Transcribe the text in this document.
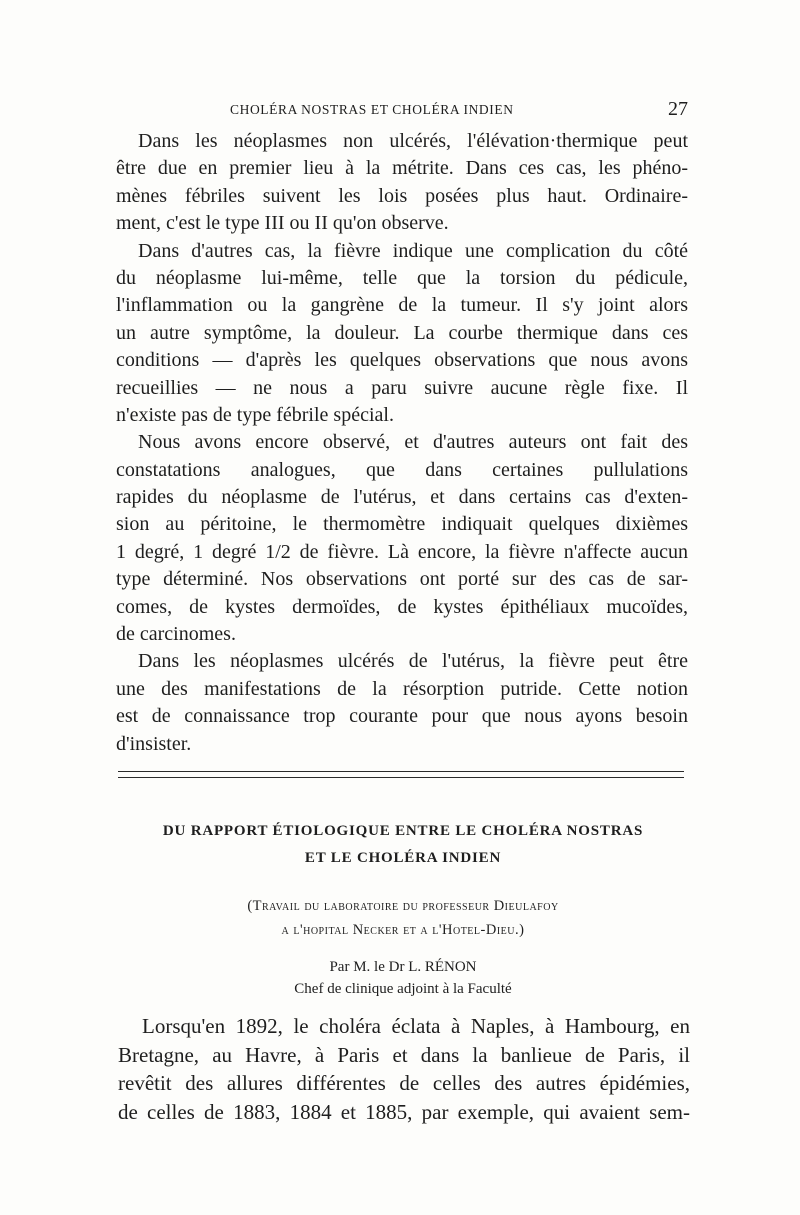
CHOLÉRA NOSTRAS ET CHOLÉRA INDIEN	27
Dans les néoplasmes non ulcérés, l'élévation·thermique peut
être due en premier lieu à la métrite. Dans ces cas, les phéno-
mènes fébriles suivent les lois posées plus haut. Ordinaire-
ment, c'est le type III ou II qu'on observe.
Dans d'autres cas, la fièvre indique une complication du côté
du néoplasme lui-même, telle que la torsion du pédicule,
l'inflammation ou la gangrène de la tumeur. Il s'y joint alors
un autre symptôme, la douleur. La courbe thermique dans ces
conditions — d'après les quelques observations que nous avons
recueillies — ne nous a paru suivre aucune règle fixe. Il
n'existe pas de type fébrile spécial.
Nous avons encore observé, et d'autres auteurs ont fait des
constatations analogues, que dans certaines pullulations
rapides du néoplasme de l'utérus, et dans certains cas d'exten-
sion au péritoine, le thermomètre indiquait quelques dixièmes
1 degré, 1 degré 1/2 de fièvre. Là encore, la fièvre n'affecte aucun
type déterminé. Nos observations ont porté sur des cas de sar-
comes, de kystes dermoïdes, de kystes épithéliaux mucoïdes,
de carcinomes.
Dans les néoplasmes ulcérés de l'utérus, la fièvre peut être
une des manifestations de la résorption putride. Cette notion
est de connaissance trop courante pour que nous ayons besoin
d'insister.
DU RAPPORT ÉTIOLOGIQUE ENTRE LE CHOLÉRA NOSTRAS
ET LE CHOLÉRA INDIEN
(Travail du laboratoire du professeur Dieulafoy
a l'hopital Necker et a l'Hotel-Dieu.)
Par M. le Dr L. RÉNON
Chef de clinique adjoint à la Faculté
Lorsqu'en 1892, le choléra éclata à Naples, à Hambourg, en
Bretagne, au Havre, à Paris et dans la banlieue de Paris, il
revêtit des allures différentes de celles des autres épidémies,
de celles de 1883, 1884 et 1885, par exemple, qui avaient sem-
